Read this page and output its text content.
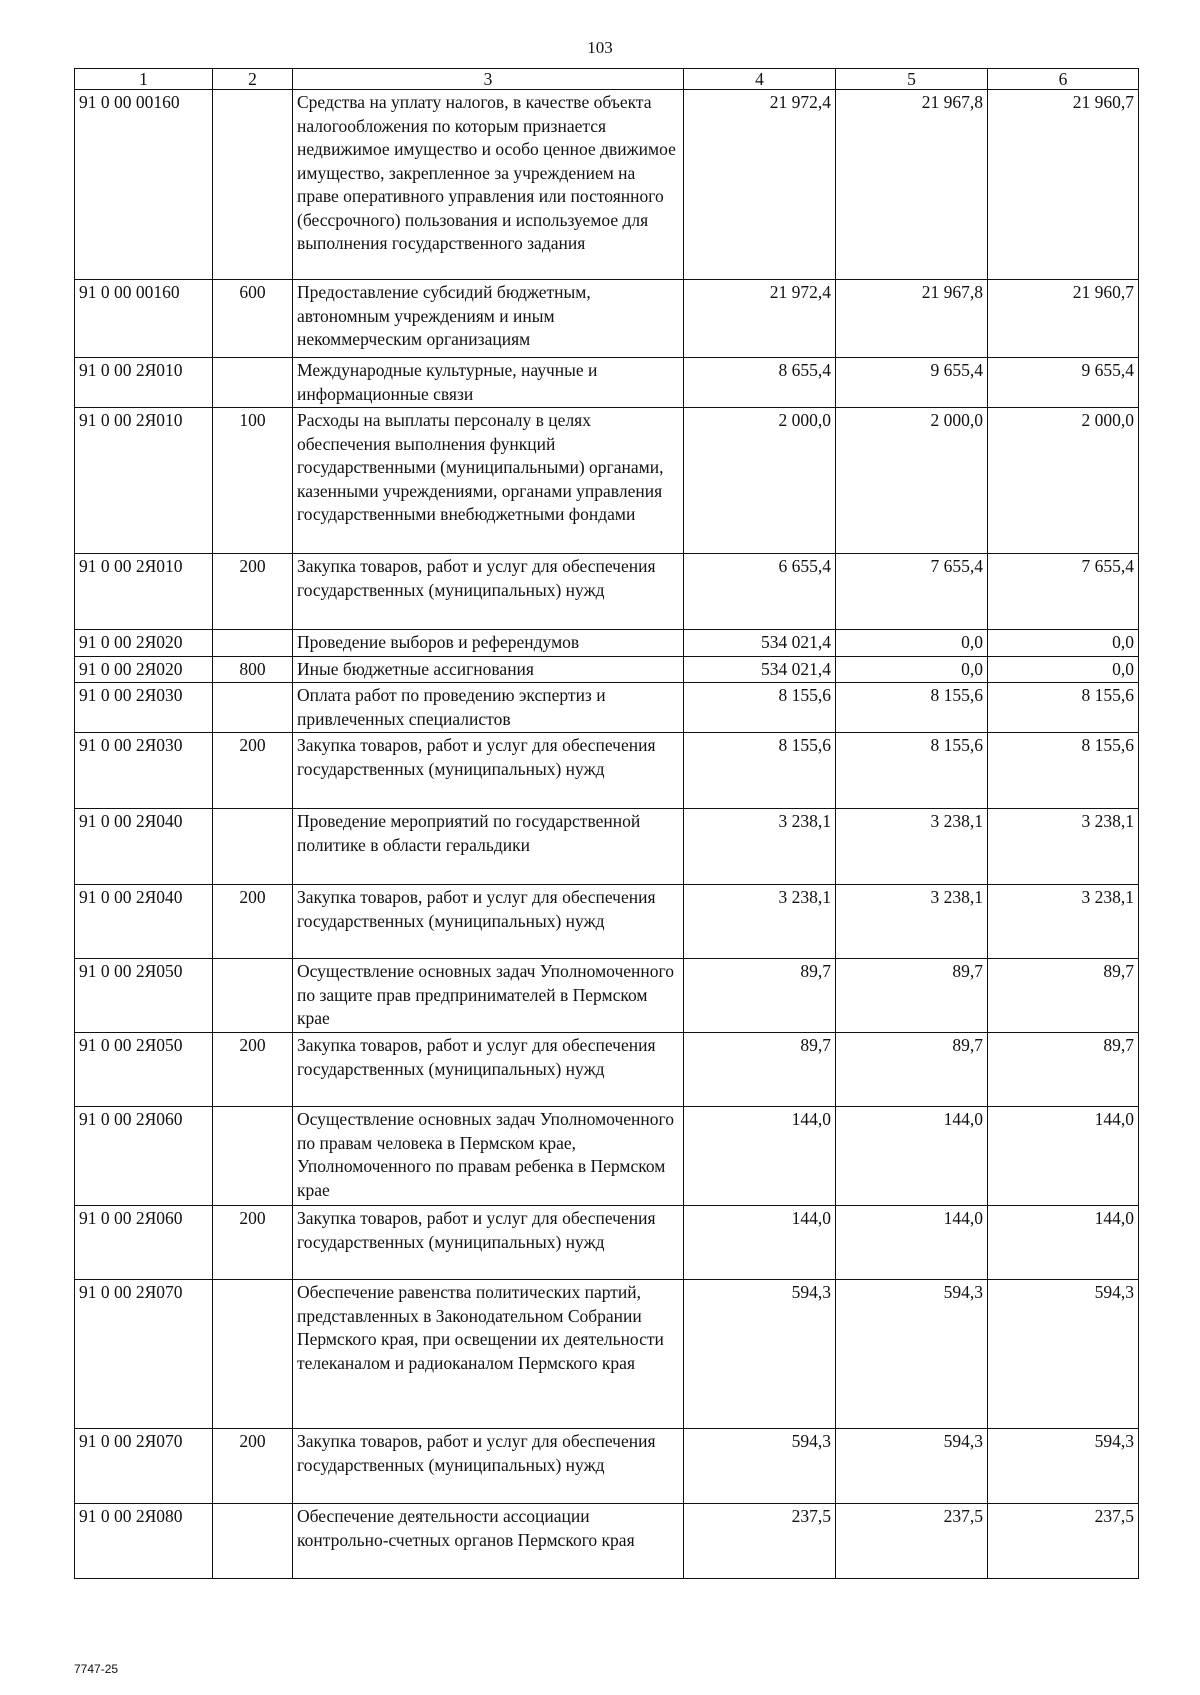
103
1	2	3	4	5	6
91 0 00 00160		Средства на уплату налогов, в качестве объекта налогообложения по которым признается недвижимое имущество и особо ценное движимое имущество, закрепленное за учреждением на праве оперативного управления или постоянного (бессрочного) пользования и используемое для выполнения государственного задания	21 972,4	21 967,8	21 960,7
91 0 00 00160	600	Предоставление субсидий бюджетным, автономным учреждениям и иным некоммерческим организациям	21 972,4	21 967,8	21 960,7
91 0 00 2Я010		Международные культурные, научные и информационные связи	8 655,4	9 655,4	9 655,4
91 0 00 2Я010	100	Расходы на выплаты персоналу в целях обеспечения выполнения функций государственными (муниципальными) органами, казенными учреждениями, органами управления государственными внебюджетными фондами	2 000,0	2 000,0	2 000,0
91 0 00 2Я010	200	Закупка товаров, работ и услуг для обеспечения государственных (муниципальных) нужд	6 655,4	7 655,4	7 655,4
91 0 00 2Я020		Проведение выборов и референдумов	534 021,4	0,0	0,0
91 0 00 2Я020	800	Иные бюджетные ассигнования	534 021,4	0,0	0,0
91 0 00 2Я030		Оплата работ по проведению экспертиз и привлеченных специалистов	8 155,6	8 155,6	8 155,6
91 0 00 2Я030	200	Закупка товаров, работ и услуг для обеспечения государственных (муниципальных) нужд	8 155,6	8 155,6	8 155,6
91 0 00 2Я040		Проведение мероприятий по государственной политике в области геральдики	3 238,1	3 238,1	3 238,1
91 0 00 2Я040	200	Закупка товаров, работ и услуг для обеспечения государственных (муниципальных) нужд	3 238,1	3 238,1	3 238,1
91 0 00 2Я050		Осуществление основных задач Уполномоченного по защите прав предпринимателей в Пермском крае	89,7	89,7	89,7
91 0 00 2Я050	200	Закупка товаров, работ и услуг для обеспечения государственных (муниципальных) нужд	89,7	89,7	89,7
91 0 00 2Я060		Осуществление основных задач Уполномоченного по правам человека в Пермском крае, Уполномоченного по правам ребенка в Пермском крае	144,0	144,0	144,0
91 0 00 2Я060	200	Закупка товаров, работ и услуг для обеспечения государственных (муниципальных) нужд	144,0	144,0	144,0
91 0 00 2Я070		Обеспечение равенства политических партий, представленных в Законодательном Собрании Пермского края, при освещении их деятельности телеканалом и радиоканалом Пермского края	594,3	594,3	594,3
91 0 00 2Я070	200	Закупка товаров, работ и услуг для обеспечения государственных (муниципальных) нужд	594,3	594,3	594,3
91 0 00 2Я080		Обеспечение деятельности ассоциации контрольно-счетных органов Пермского края	237,5	237,5	237,5
7747-25
